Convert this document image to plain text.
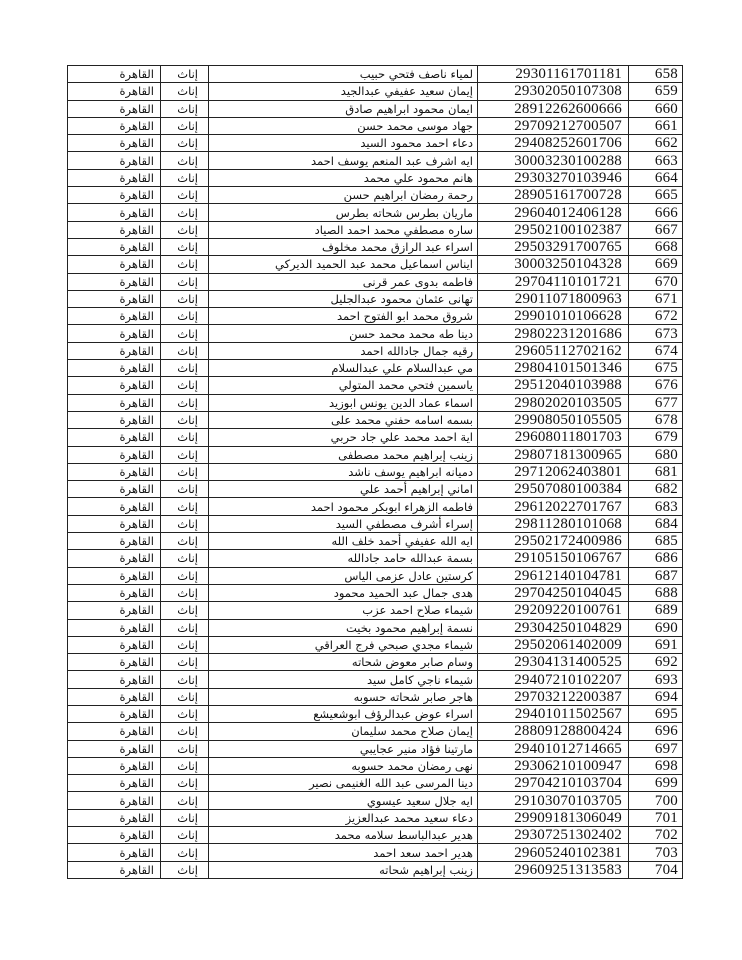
658	29301161701181	لمياء ناصف فتحي حبيب	إناث	القاهرة
659	29302050107308	إيمان سعيد عفيفي عبدالجيد	إناث	القاهرة
660	28912262600666	ايمان محمود ابراهيم صادق	إناث	القاهرة
661	29709212700507	جهاد موسى محمد حسن	إناث	القاهرة
662	29408252601706	دعاء احمد محمود السيد	إناث	القاهرة
663	30003230100288	ايه اشرف عبد المنعم يوسف احمد	إناث	القاهرة
664	29303270103946	هانم محمود علي محمد	إناث	القاهرة
665	28905161700728	رحمة رمضان ابراهيم حسن	إناث	القاهرة
666	29604012406128	ماريان بطرس شحاته بطرس	إناث	القاهرة
667	29502100102387	ساره مصطفي محمد احمد الصياد	إناث	القاهرة
668	29503291700765	اسراء عبد الرازق محمد مخلوف	إناث	القاهرة
669	30003250104328	ايناس اسماعيل محمد عبد الحميد الديركي	إناث	القاهرة
670	29704110101721	فاطمه بدوى عمر قرنى	إناث	القاهرة
671	29011071800963	تهانى عثمان محمود عبدالجليل	إناث	القاهرة
672	29901010106628	شروق محمد ابو الفتوح احمد	إناث	القاهرة
673	29802231201686	دينا طه محمد محمد حسن	إناث	القاهرة
674	29605112702162	رقيه جمال جادالله احمد	إناث	القاهرة
675	29804101501346	مي عبدالسلام علي عبدالسلام	إناث	القاهرة
676	29512040103988	ياسمين فتحي محمد المتولي	إناث	القاهرة
677	29802020103505	اسماء عماد الدين يونس ابوزيد	إناث	القاهرة
678	29908050105505	بسمه اسامه حفني محمد على	إناث	القاهرة
679	29608011801703	اية احمد محمد علي جاد حربي	إناث	القاهرة
680	29807181300965	زينب إبراهيم محمد مصطفى	إناث	القاهرة
681	29712062403801	دميانه ابراهيم يوسف ناشد	إناث	القاهرة
682	29507080100384	اماني إبراهيم أحمد علي	إناث	القاهرة
683	29612022701767	فاطمه الزهراء ابوبكر محمود احمد	إناث	القاهرة
684	29811280101068	إسراء أشرف مصطفي السيد	إناث	القاهرة
685	29502172400986	ايه الله عفيفي أحمد خلف الله	إناث	القاهرة
686	29105150106767	بسمة عبدالله حامد جادالله	إناث	القاهرة
687	29612140104781	كرستين عادل عزمى الياس	إناث	القاهرة
688	29704250104045	هدى جمال عبد الحميد محمود	إناث	القاهرة
689	29209220100761	شيماء صلاح احمد عزب	إناث	القاهرة
690	29304250104829	نسمة إبراهيم محمود بخيت	إناث	القاهرة
691	29502061402009	شيماء مجدي صبحي فرج العراقي	إناث	القاهرة
692	29304131400525	وسام صابر معوض شحاته	إناث	القاهرة
693	29407210102207	شيماء ناجي كامل سيد	إناث	القاهرة
694	29703212200387	هاجر صابر شحاته حسوبه	إناث	القاهرة
695	29401011502567	اسراء عوض عبدالرؤف ابوشعيشع	إناث	القاهرة
696	28809128800424	إيمان صلاح محمد سليمان	إناث	القاهرة
697	29401012714665	مارتينا فؤاد منير عجايبي	إناث	القاهرة
698	29306210100947	نهى رمضان محمد حسوبه	إناث	القاهرة
699	29704210103704	دينا المرسى عبد الله الغنيمى نصير	إناث	القاهرة
700	29103070103705	ايه جلال سعيد عيسوي	إناث	القاهرة
701	29909181306049	دعاء سعيد محمد عبدالعزيز	إناث	القاهرة
702	29307251302402	هدير عبدالباسط سلامه محمد	إناث	القاهرة
703	29605240102381	هدير احمد سعد احمد	إناث	القاهرة
704	29609251313583	زينب إبراهيم شحاته	إناث	القاهرة
